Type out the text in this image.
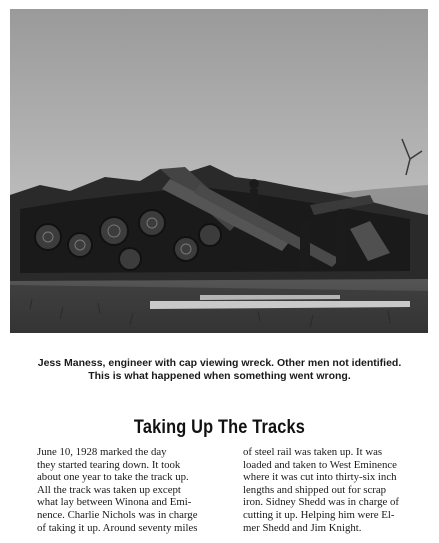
Jess Maness, engineer with cap viewing wreck. Other men not identified.
This is what happened when something went wrong.
Taking Up The Tracks
June 10, 1928 marked the day
they started tearing down. It took
about one year to take the track up.
All the track was taken up except
what lay between Winona and Emi-
nence. Charlie Nichols was in charge
of taking it up. Around seventy miles
of steel rail was taken up. It was
loaded and taken to West Eminence
where it was cut into thirty-six inch
lengths and shipped out for scrap
iron. Sidney Shedd was in charge of
cutting it up. Helping him were El-
mer Shedd and Jim Knight.
